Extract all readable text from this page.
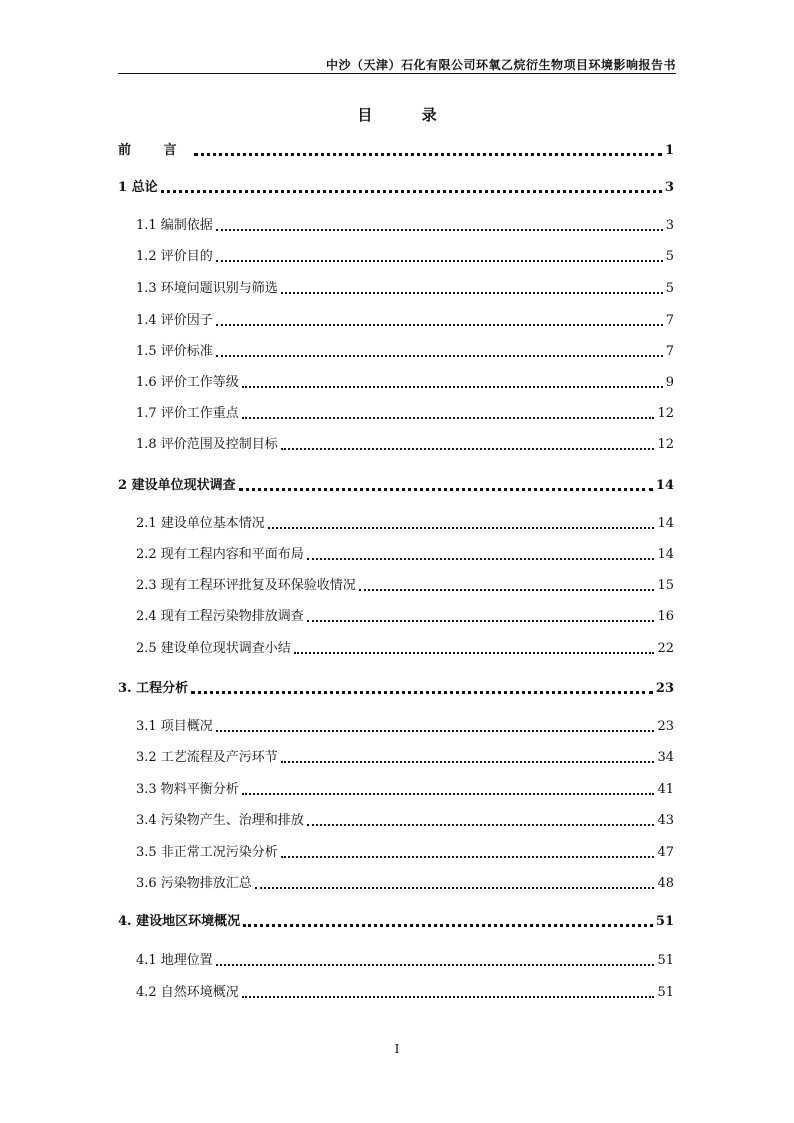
中沙（天津）石化有限公司环氧乙烷衍生物项目环境影响报告书
目 录
前 言	1
1 总论	3
1.1 编制依据	3
1.2 评价目的	5
1.3 环境问题识别与筛选	5
1.4 评价因子	7
1.5 评价标准	7
1.6 评价工作等级	9
1.7 评价工作重点	12
1.8 评价范围及控制目标	12
2 建设单位现状调查	14
2.1 建设单位基本情况	14
2.2 现有工程内容和平面布局	14
2.3 现有工程环评批复及环保验收情况	15
2.4 现有工程污染物排放调查	16
2.5 建设单位现状调查小结	22
3. 工程分析	23
3.1 项目概况	23
3.2 工艺流程及产污环节	34
3.3 物料平衡分析	41
3.4 污染物产生、治理和排放	43
3.5 非正常工况污染分析	47
3.6 污染物排放汇总	48
4. 建设地区环境概况	51
4.1 地理位置	51
4.2 自然环境概况	51
I
